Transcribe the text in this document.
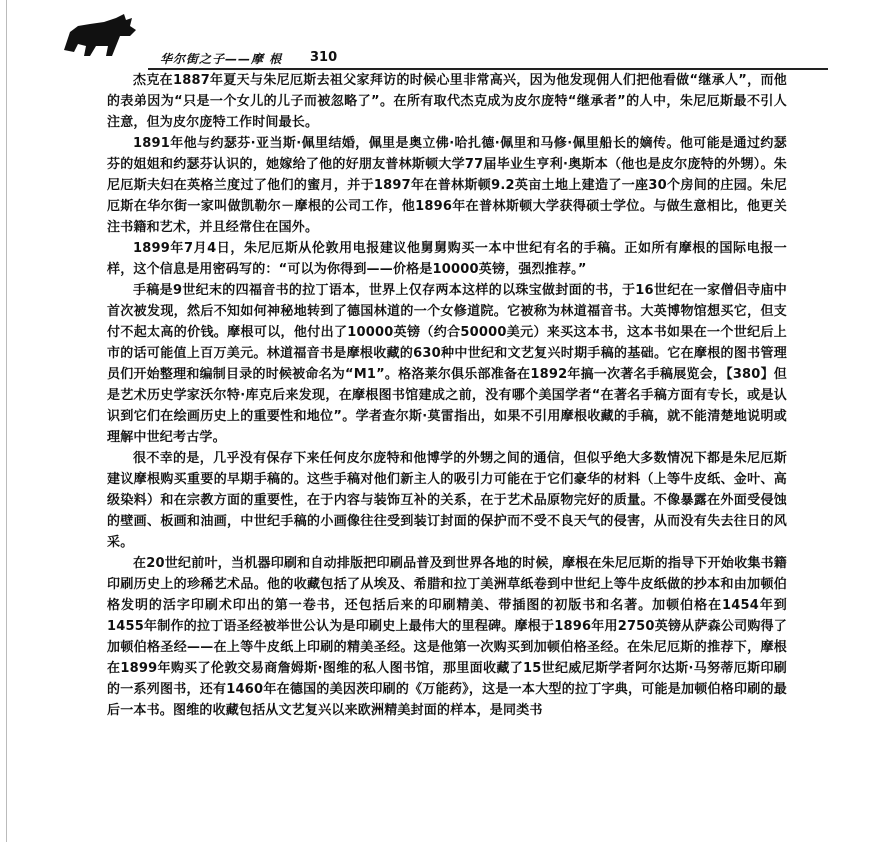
华尔街之子——摩 根 310

杰克在1887年夏天与朱尼厄斯去祖父家拜访的时候心里非常高兴，因为他发现佣人们把他看做“继承人”，而他的表弟因为“只是一个女儿的儿子而被忽略了”。在所有取代杰克成为皮尔庞特“继承者”的人中，朱尼厄斯最不引人注意，但为皮尔庞特工作时间最长。

1891年他与约瑟芬·亚当斯·佩里结婚，佩里是奥立佛·哈扎德·佩里和马修·佩里船长的嫡传。他可能是通过约瑟芬的姐姐和约瑟芬认识的，她嫁给了他的好朋友普林斯顿大学77届毕业生亨利·奥斯本（他也是皮尔庞特的外甥）。朱尼厄斯夫妇在英格兰度过了他们的蜜月，并于1897年在普林斯顿9.2英亩土地上建造了一座30个房间的庄园。朱尼厄斯在华尔街一家叫做凯勒尔－摩根的公司工作，他1896年在普林斯顿大学获得硕士学位。与做生意相比，他更关注书籍和艺术，并且经常住在国外。

1899年7月4日，朱尼厄斯从伦敦用电报建议他舅舅购买一本中世纪有名的手稿。正如所有摩根的国际电报一样，这个信息是用密码写的：“可以为你得到——价格是10000英镑，强烈推荐。”

手稿是9世纪末的四福音书的拉丁语本，世界上仅存两本这样的以珠宝做封面的书，于16世纪在一家僧侣寺庙中首次被发现，然后不知如何神秘地转到了德国林道的一个女修道院。它被称为林道福音书。大英博物馆想买它，但支付不起太高的价钱。摩根可以，他付出了10000英镑（约合50000美元）来买这本书，这本书如果在一个世纪后上市的话可能值上百万美元。林道福音书是摩根收藏的630种中世纪和文艺复兴时期手稿的基础。它在摩根的图书管理员们开始整理和编制目录的时候被命名为“M1”。格洛莱尔俱乐部准备在1892年搞一次著名手稿展览会，【380】但是艺术历史学家沃尔特·库克后来发现，在摩根图书馆建成之前，没有哪个美国学者“在著名手稿方面有专长，或是认识到它们在绘画历史上的重要性和地位”。学者查尔斯·莫雷指出，如果不引用摩根收藏的手稿，就不能清楚地说明或理解中世纪考古学。

很不幸的是，几乎没有保存下来任何皮尔庞特和他博学的外甥之间的通信，但似乎绝大多数情况下都是朱尼厄斯建议摩根购买重要的早期手稿的。这些手稿对他们新主人的吸引力可能在于它们豪华的材料（上等牛皮纸、金叶、高级染料）和在宗教方面的重要性，在于内容与装饰互补的关系，在于艺术品原物完好的质量。不像暴露在外面受侵蚀的壁画、板画和油画，中世纪手稿的小画像往往受到装订封面的保护而不受不良天气的侵害，从而没有失去往日的风采。

在20世纪前叶，当机器印刷和自动排版把印刷品普及到世界各地的时候，摩根在朱尼厄斯的指导下开始收集书籍印刷历史上的珍稀艺术品。他的收藏包括了从埃及、希腊和拉丁美洲草纸卷到中世纪上等牛皮纸做的抄本和由加顿伯格发明的活字印刷术印出的第一卷书，还包括后来的印刷精美、带插图的初版书和名著。加顿伯格在1454年到1455年制作的拉丁语圣经被举世公认为是印刷史上最伟大的里程碑。摩根于1896年用2750英镑从萨森公司购得了加顿伯格圣经——在上等牛皮纸上印刷的精美圣经。这是他第一次购买到加顿伯格圣经。在朱尼厄斯的推荐下，摩根在1899年购买了伦敦交易商詹姆斯·图维的私人图书馆，那里面收藏了15世纪威尼斯学者阿尔达斯·马努蒂厄斯印刷的一系列图书，还有1460年在德国的美因茨印刷的《万能药》，这是一本大型的拉丁字典，可能是加顿伯格印刷的最后一本书。图维的收藏包括从文艺复兴以来欧洲精美封面的样本，是同类书
